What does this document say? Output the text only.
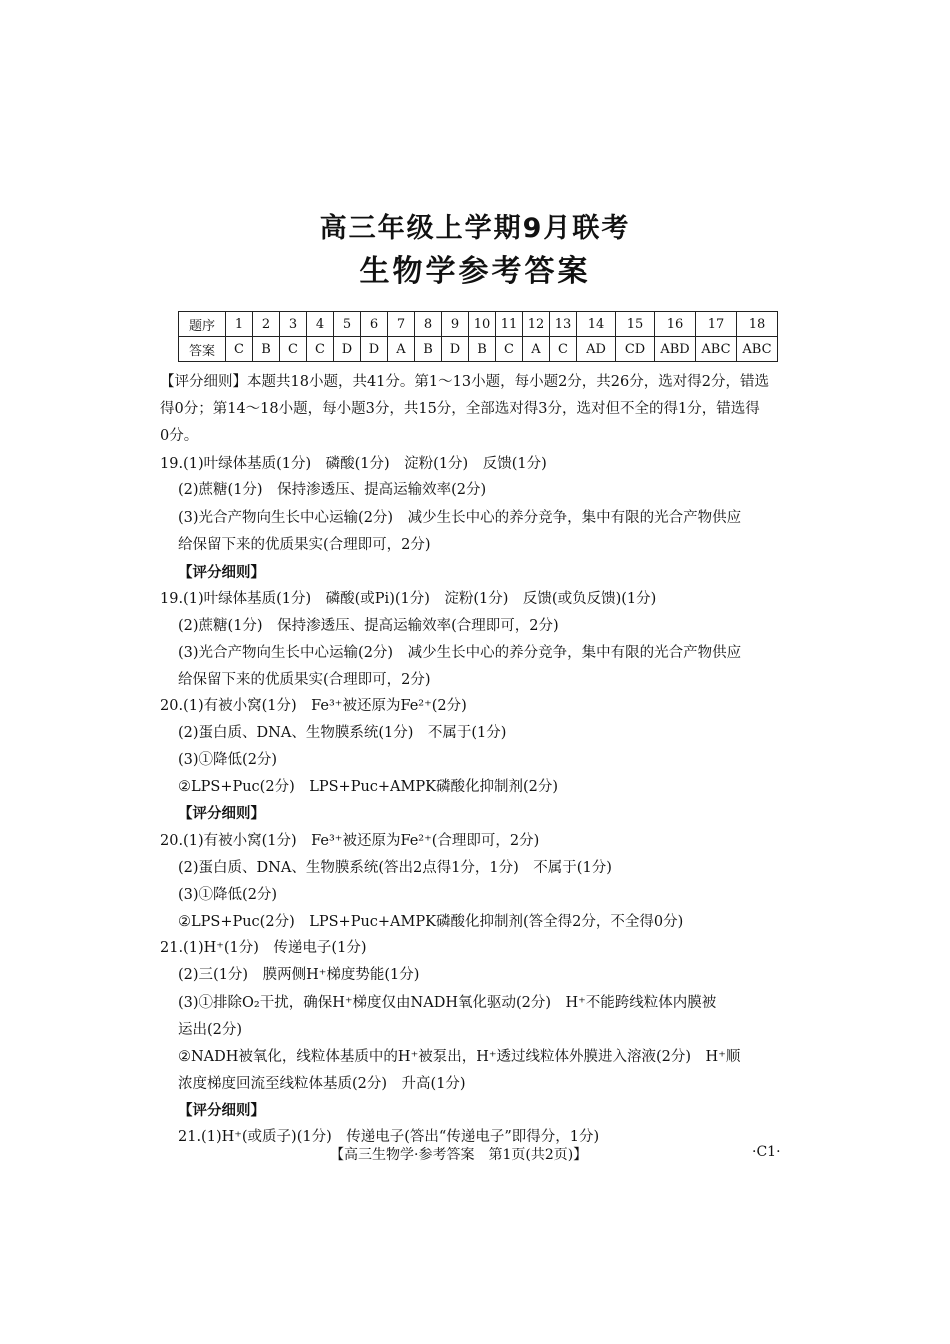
高三年级上学期9月联考
生物学参考答案
题序	1	2	3	4	5	6	7	8	9	10	11	12	13	14	15	16	17	18
答案	C	B	C	C	D	D	A	B	D	B	C	A	C	AD	CD	ABD	ABC	ABC
【评分细则】本题共18小题，共41分。第1～13小题，每小题2分，共26分，选对得2分，错选
得0分；第14～18小题，每小题3分，共15分，全部选对得3分，选对但不全的得1分，错选得
0分。
19.(1)叶绿体基质(1分)　磷酸(1分)　淀粉(1分)　反馈(1分)
(2)蔗糖(1分)　保持渗透压、提高运输效率(2分)
(3)光合产物向生长中心运输(2分)　减少生长中心的养分竞争，集中有限的光合产物供应
给保留下来的优质果实(合理即可，2分)
【评分细则】
19.(1)叶绿体基质(1分)　磷酸(或Pi)(1分)　淀粉(1分)　反馈(或负反馈)(1分)
(2)蔗糖(1分)　保持渗透压、提高运输效率(合理即可，2分)
(3)光合产物向生长中心运输(2分)　减少生长中心的养分竞争，集中有限的光合产物供应
给保留下来的优质果实(合理即可，2分)
20.(1)有被小窝(1分)　Fe³⁺被还原为Fe²⁺(2分)
(2)蛋白质、DNA、生物膜系统(1分)　不属于(1分)
(3)①降低(2分)
②LPS+Puc(2分)　LPS+Puc+AMPK磷酸化抑制剂(2分)
【评分细则】
20.(1)有被小窝(1分)　Fe³⁺被还原为Fe²⁺(合理即可，2分)
(2)蛋白质、DNA、生物膜系统(答出2点得1分，1分)　不属于(1分)
(3)①降低(2分)
②LPS+Puc(2分)　LPS+Puc+AMPK磷酸化抑制剂(答全得2分，不全得0分)
21.(1)H⁺(1分)　传递电子(1分)
(2)三(1分)　膜两侧H⁺梯度势能(1分)
(3)①排除O₂干扰，确保H⁺梯度仅由NADH氧化驱动(2分)　H⁺不能跨线粒体内膜被
运出(2分)
②NADH被氧化，线粒体基质中的H⁺被泵出，H⁺透过线粒体外膜进入溶液(2分)　H⁺顺
浓度梯度回流至线粒体基质(2分)　升高(1分)
【评分细则】
21.(1)H⁺(或质子)(1分)　传递电子(答出“传递电子”即得分，1分)
【高三生物学·参考答案　第1页(共2页)】	·C1·
